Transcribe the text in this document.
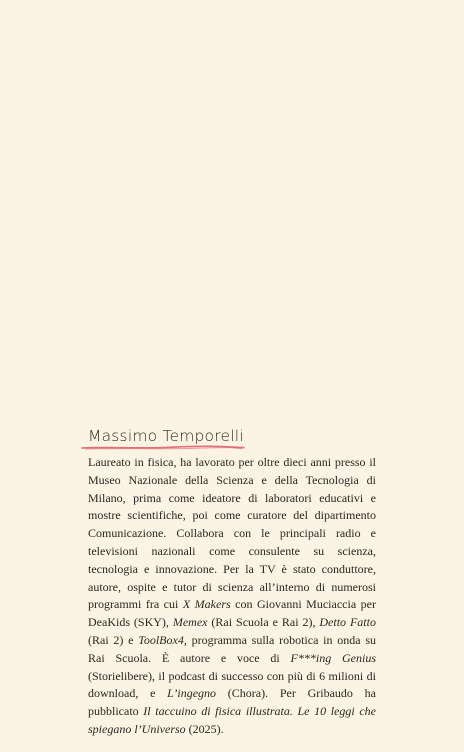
Massimo Temporelli

Laureato in fisica, ha lavorato per oltre dieci anni presso il Museo Nazionale della Scienza e della Tecnologia di Milano, prima come ideatore di laboratori educativi e mostre scientifiche, poi come curatore del dipartimento Comunicazione. Collabora con le principali radio e televisioni nazionali come consulente su scienza, tecnologia e innovazione. Per la TV è stato conduttore, autore, ospite e tutor di scienza all’interno di numerosi programmi fra cui X Makers con Giovanni Muciaccia per DeaKids (SKY), Memex (Rai Scuola e Rai 2), Detto Fatto (Rai 2) e ToolBox4, programma sulla robotica in onda su Rai Scuola. È autore e voce di F***ing Genius (Storielibere), il podcast di successo con più di 6 milioni di download, e L’ingegno (Chora). Per Gribaudo ha pubblicato Il taccuino di fisica illustrata. Le 10 leggi che spiegano l’Universo (2025).
